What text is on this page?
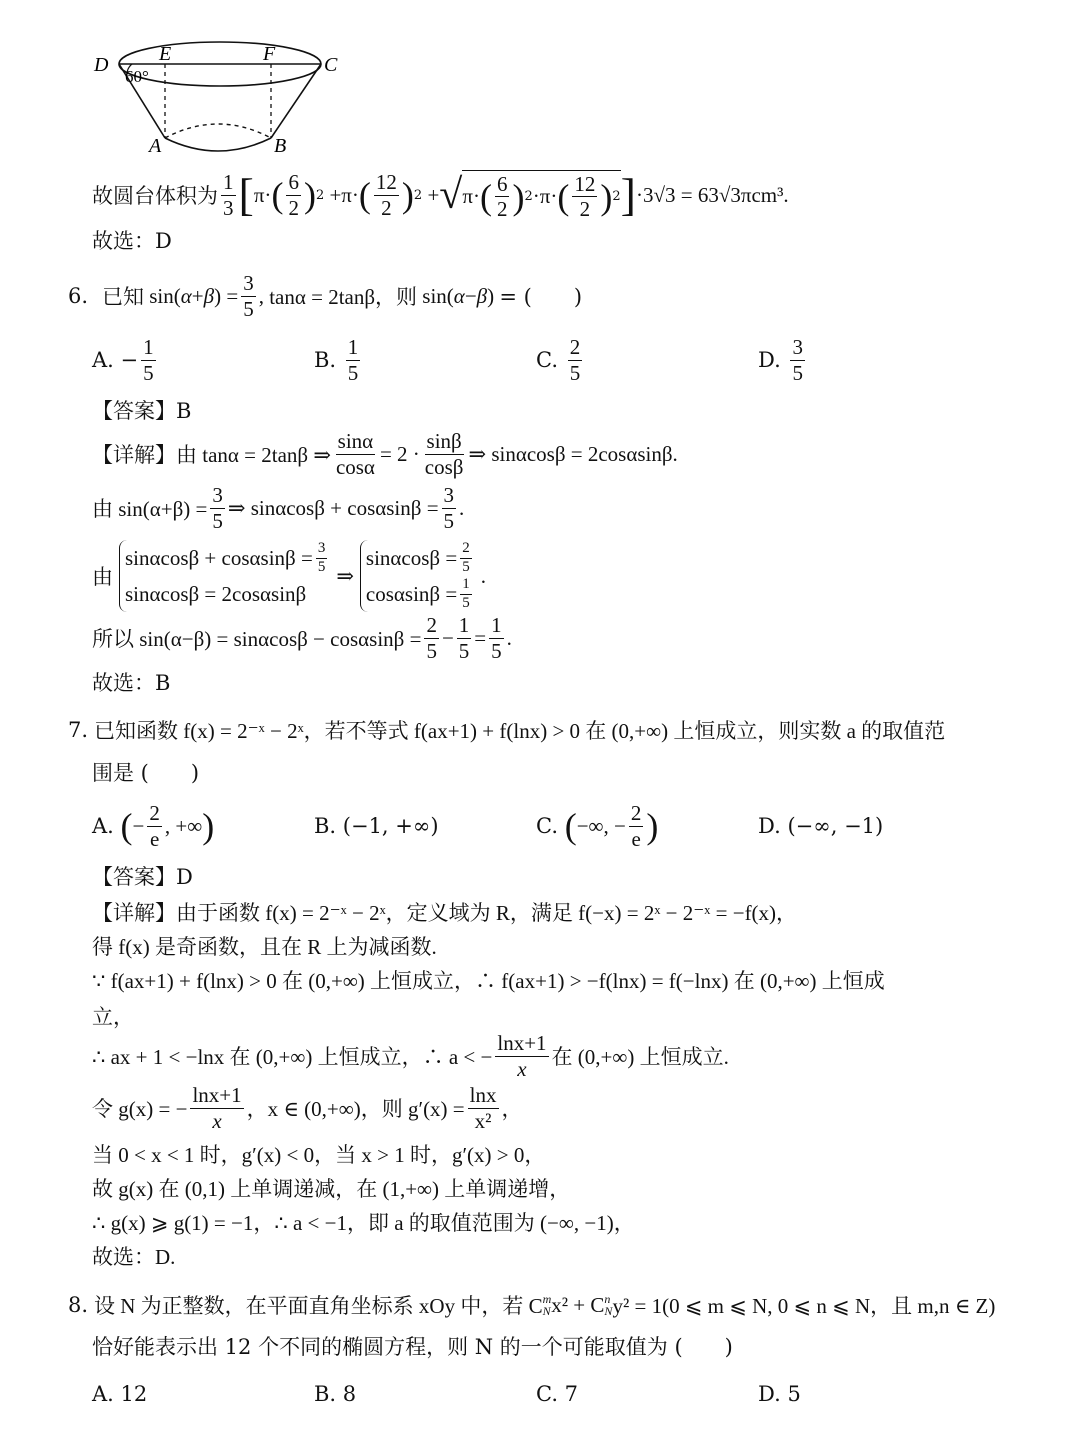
D	E	F C
A	B
60°
故圆台体积为 $\frac{1}{3}$ [ π· ( $\frac{6}{2}$ ) 2 +π· ( $\frac{12}{2}$ ) 2 + √ π· ( $\frac{6}{2}$ ) 2 ·π· ( $\frac{12}{2}$ ) 2 ] ·3√3 = 63√3πcm³.
故选：D
6. 已知 sin( α + β ) = $\frac{3}{5}$ , tanα = 2tanβ，则 sin( α − β ) = (　　)
A.
− $\frac{1}{5}$	B.
$\frac{1}{5}$	C.
$\frac{2}{5}$	D.
$\frac{3}{5}$
【答案】B
【详解】 由 tanα = 2tanβ ⇒ $\frac{\sin\alpha}{\cos\alpha} = 2 \cdot \frac{\sin\beta}{\cos\beta}$ ⇒ sinαcosβ = 2cosαsinβ.
由 $\sin(\alpha+\beta) = \frac{3}{5}$ ⇒ $\sin\alpha\cos\beta + \cos\alpha\sin\beta = \frac{3}{5}$ .
由
$\sin\alpha\cos\beta + \cos\alpha\sin\beta = \frac{3}{5}$
sinαcosβ = 2cosαsinβ
⇒
$\sin\alpha\cos\beta = \frac{2}{5}$
$\cos\alpha\sin\beta = \frac{1}{5}$
.
所以 $\sin(\alpha-\beta) = \sin\alpha\cos\beta - \cos\alpha\sin\beta = \frac{2}{5} - \frac{1}{5} = \frac{1}{5}$ .
故选：B
7. 已知函数 f(x) = 2⁻ˣ − 2ˣ，若不等式 f(ax+1) + f(lnx) > 0 在 (0,+∞) 上恒成立，则实数 a 的取值范
围是 (　　)
A.
( − $\frac{2}{e}$ , +∞ )	B. (−1, +∞)	C.
( −∞, − $\frac{2}{e}$ )	D. (−∞, −1)
【答案】D
【详解】由于函数 f(x) = 2⁻ˣ − 2ˣ，定义域为 R，满足 f(−x) = 2ˣ − 2⁻ˣ = −f(x)，
得 f(x) 是奇函数，且在 R 上为减函数.
∵ f(ax+1) + f(lnx) > 0 在 (0,+∞) 上恒成立，∴ f(ax+1) > −f(lnx) = f(−lnx) 在 (0,+∞) 上恒成
立，
∴ ax + 1 < −lnx 在 (0,+∞) 上恒成立，∴ a < − $\frac{\ln x+1}{x}$ 在 (0,+∞) 上恒成立.
令 g(x) = − $\frac{\ln x+1}{x}$ ，x ∈ (0,+∞)，则 $g'(x) = \frac{\ln x}{\text{x²}}$ ，
当 0 < x < 1 时，g′(x) < 0，当 x > 1 时，g′(x) > 0，
故 g(x) 在 (0,1) 上单调递减，在 (1,+∞) 上单调递增，
∴ g(x) ⩾ g(1) = −1，∴ a < −1，即 a 的取值范围为 (−∞, −1)，
故选：D.
8. 设 N 为正整数，在平面直角坐标系 xOy 中，若 C m
N x² + C n
N y² = 1(0 ⩽ m ⩽ N, 0 ⩽ n ⩽ N，且 m,n ∈ Z)
恰好能表示出 12 个不同的椭圆方程，则 N 的一个可能取值为 (　　)
A. 12	B. 8	C. 7	D. 5
